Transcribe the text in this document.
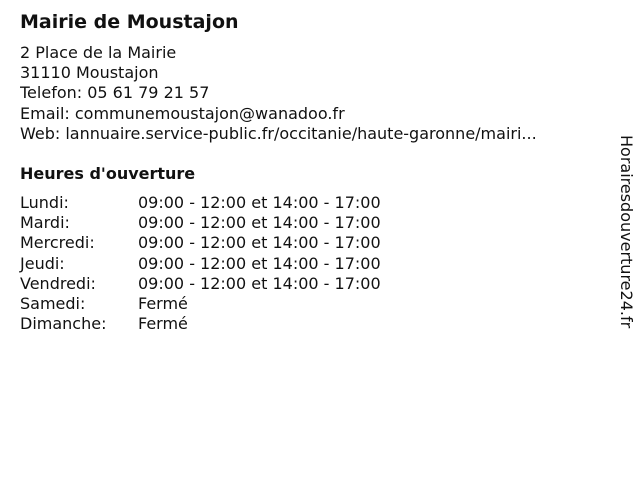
Mairie de Moustajon
2 Place de la Mairie
31110 Moustajon
Telefon: 05 61 79 21 57
Email: communemoustajon@wanadoo.fr
Web: lannuaire.service-public.fr/occitanie/haute-garonne/mairi...
Heures d'ouverture
Lundi:	09:00 - 12:00 et 14:00 - 17:00
Mardi:	09:00 - 12:00 et 14:00 - 17:00
Mercredi:	09:00 - 12:00 et 14:00 - 17:00
Jeudi:	09:00 - 12:00 et 14:00 - 17:00
Vendredi:	09:00 - 12:00 et 14:00 - 17:00
Samedi:	Fermé
Dimanche:	Fermé	Horairesdouverture24.fr
